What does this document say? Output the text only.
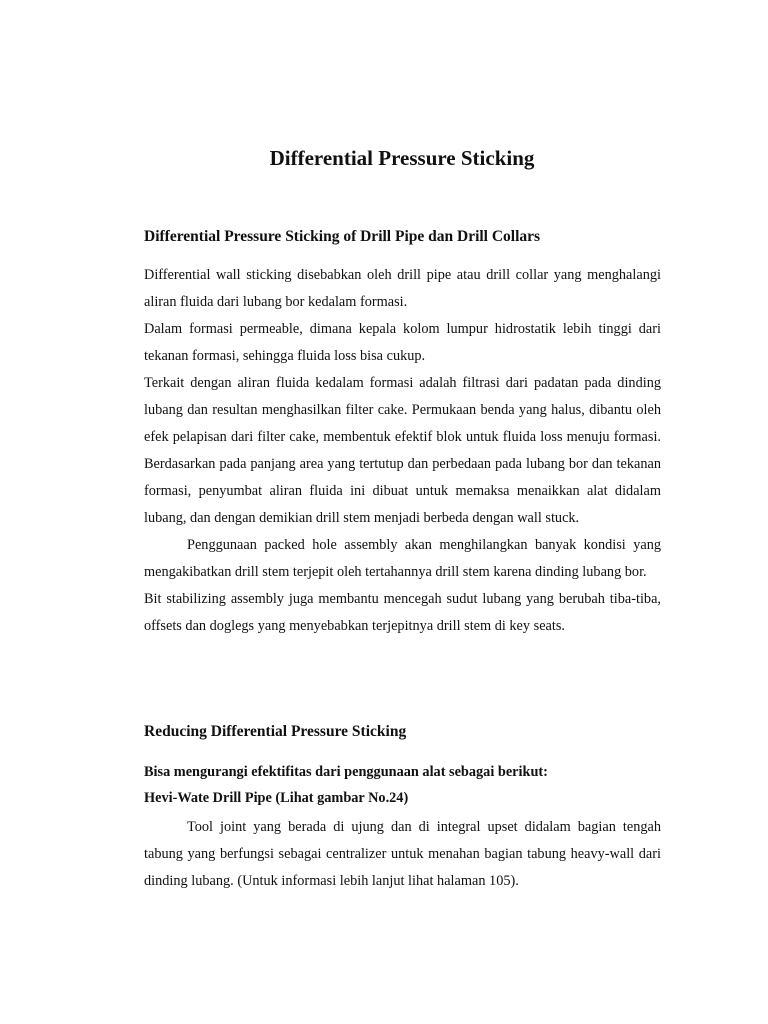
Differential Pressure Sticking
Differential Pressure Sticking of Drill Pipe dan Drill Collars

Differential wall sticking disebabkan oleh drill pipe atau drill collar yang menghalangi aliran fluida dari lubang bor kedalam formasi.

Dalam formasi permeable, dimana kepala kolom lumpur hidrostatik lebih tinggi dari tekanan formasi, sehingga fluida loss bisa cukup.

Terkait dengan aliran fluida kedalam formasi adalah filtrasi dari padatan pada dinding lubang dan resultan menghasilkan filter cake. Permukaan benda yang halus, dibantu oleh efek pelapisan dari filter cake, membentuk efektif blok untuk fluida loss menuju formasi. Berdasarkan pada panjang area yang tertutup dan perbedaan pada lubang bor dan tekanan formasi, penyumbat aliran fluida ini dibuat untuk memaksa menaikkan alat didalam lubang, dan dengan demikian drill stem menjadi berbeda dengan wall stuck.

Penggunaan packed hole assembly akan menghilangkan banyak kondisi yang mengakibatkan drill stem terjepit oleh tertahannya drill stem karena dinding lubang bor.

Bit stabilizing assembly juga membantu mencegah sudut lubang yang berubah tiba-tiba, offsets dan doglegs yang menyebabkan terjepitnya drill stem di key seats.

Reducing Differential Pressure Sticking

Bisa mengurangi efektifitas dari penggunaan alat sebagai berikut:

Hevi-Wate Drill Pipe (Lihat gambar No.24)

Tool joint yang berada di ujung dan di integral upset didalam bagian tengah tabung yang berfungsi sebagai centralizer untuk menahan bagian tabung heavy-wall dari dinding lubang. (Untuk informasi lebih lanjut lihat halaman 105).
